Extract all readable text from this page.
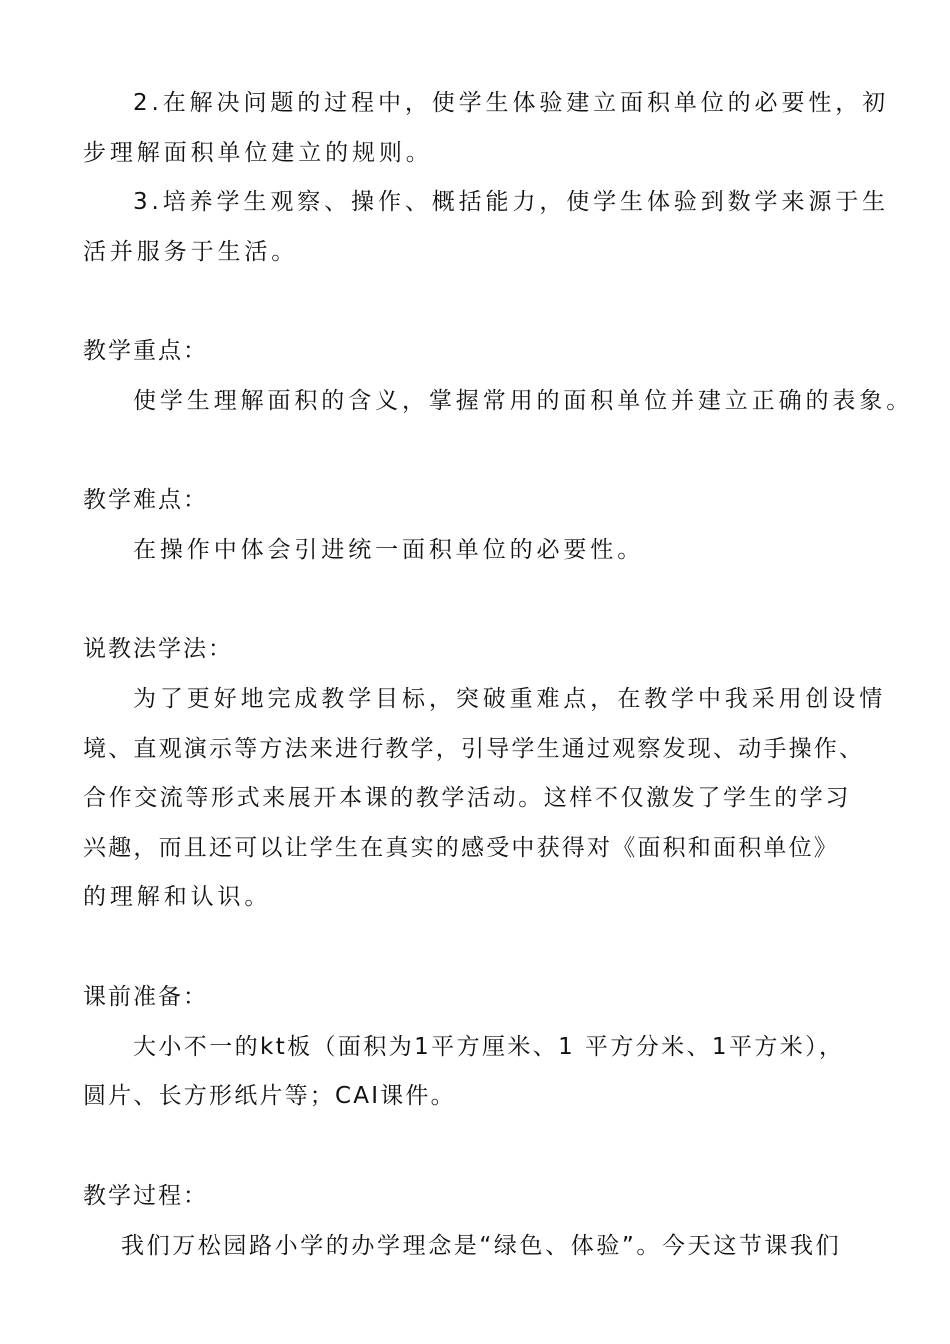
2.在解决问题的过程中，使学生体验建立面积单位的必要性，初
步理解面积单位建立的规则。
3.培养学生观察、操作、概括能力，使学生体验到数学来源于生
活并服务于生活。
教学重点：
使学生理解面积的含义，掌握常用的面积单位并建立正确的表象。
教学难点：
在操作中体会引进统一面积单位的必要性。
说教法学法：
为了更好地完成教学目标，突破重难点，在教学中我采用创设情
境、直观演示等方法来进行教学，引导学生通过观察发现、动手操作、
合作交流等形式来展开本课的教学活动。这样不仅激发了学生的学习
兴趣，而且还可以让学生在真实的感受中获得对《面积和面积单位》
的理解和认识。
课前准备：
大小不一的kt板（面积为1平方厘米、1 平方分米、1平方米），
圆片、长方形纸片等；CAI课件。
教学过程：
我们万松园路小学的办学理念是“绿色、体验”。今天这节课我们
